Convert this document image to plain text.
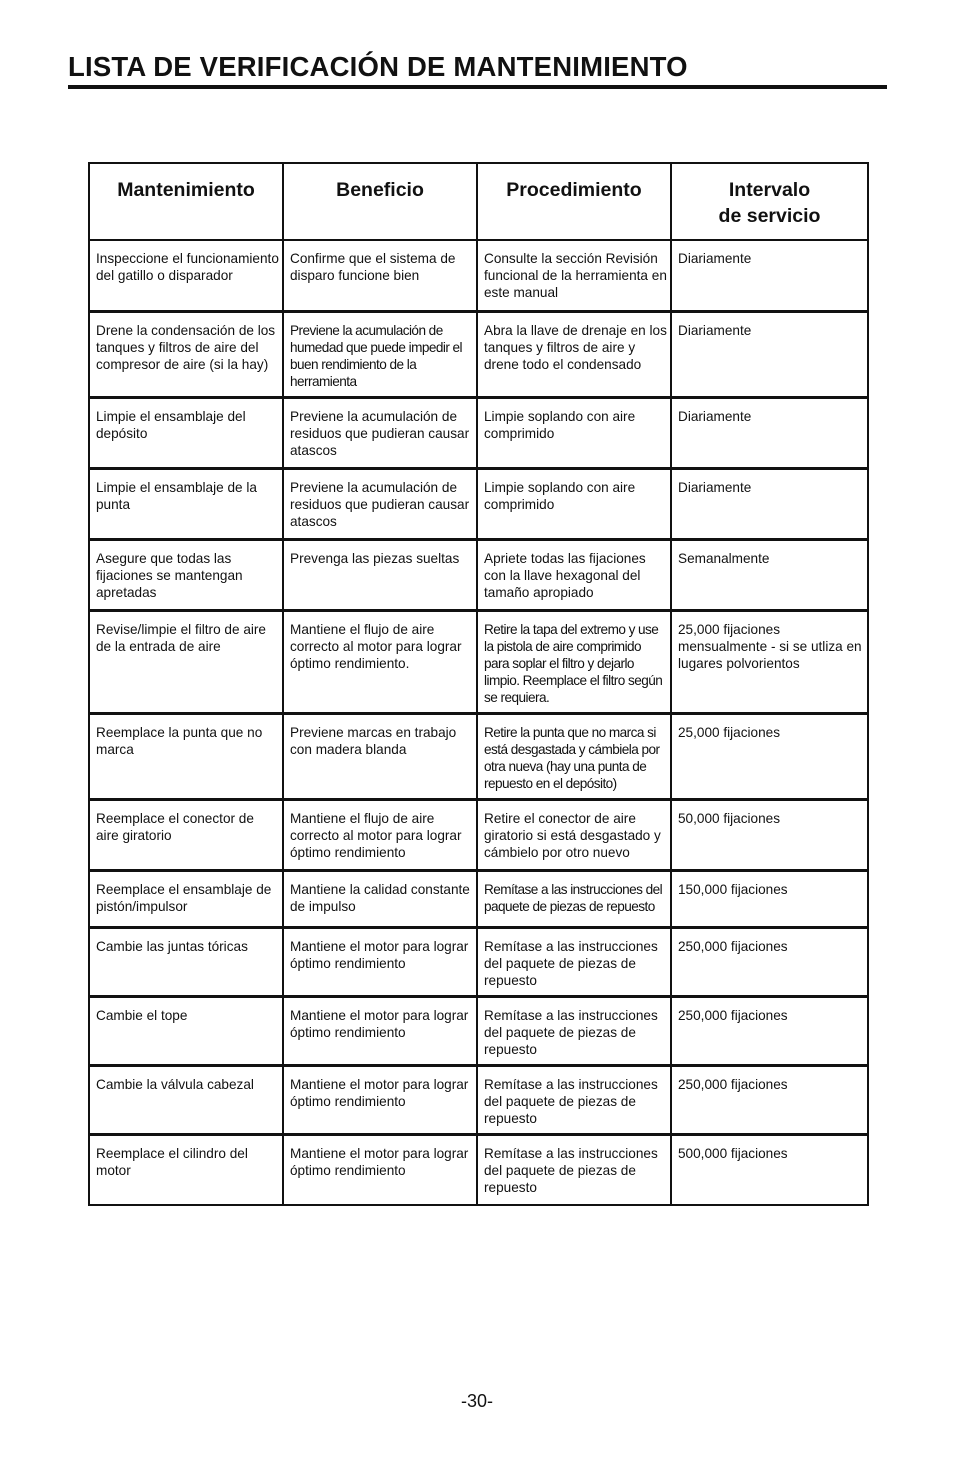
LISTA DE VERIFICACIÓN DE MANTENIMIENTO
Mantenimiento	Beneficio	Procedimiento	Intervalo
de servicio
Inspeccione el funcionamiento del gatillo o disparador	Confirme que el sistema de disparo funcione bien	Consulte la sección Revisión funcional de la herramienta en este manual	Diariamente
Drene la condensación de los tanques y filtros de aire del compresor de aire (si la hay)	Previene la acumulación de humedad que puede impedir el buen rendimiento de la herramienta	Abra la llave de drenaje en los tanques y filtros de aire y drene todo el condensado	Diariamente
Limpie el ensamblaje del depósito	Previene la acumulación de residuos que pudieran causar atascos	Limpie soplando con aire comprimido	Diariamente
Limpie el ensamblaje de la punta	Previene la acumulación de residuos que pudieran causar atascos	Limpie soplando con aire comprimido	Diariamente
Asegure que todas las fijaciones se mantengan apretadas	Prevenga las piezas sueltas	Apriete todas las fijaciones con la llave hexagonal del tamaño apropiado	Semanalmente
Revise/limpie el filtro de aire de la entrada de aire	Mantiene el flujo de aire correcto al motor para lograr óptimo rendimiento.	Retire la tapa del extremo y use la pistola de aire comprimido para soplar el filtro y dejarlo limpio. Reemplace el filtro según se requiera.	25,000 fijaciones mensualmente - si se utliza en lugares polvorientos
Reemplace la punta que no marca	Previene marcas en trabajo con madera blanda	Retire la punta que no marca si está desgastada y cámbiela por otra nueva (hay una punta de repuesto en el depósito)	25,000 fijaciones
Reemplace el conector de aire giratorio	Mantiene el flujo de aire correcto al motor para lograr óptimo rendimiento	Retire el conector de aire giratorio si está desgastado y cámbielo por otro nuevo	50,000 fijaciones
Reemplace el ensamblaje de pistón/impulsor	Mantiene la calidad constante de impulso	Remítase a las instrucciones del paquete de piezas de repuesto	150,000 fijaciones
Cambie las juntas tóricas	Mantiene el motor para lograr óptimo rendimiento	Remítase a las instrucciones del paquete de piezas de repuesto	250,000 fijaciones
Cambie el tope	Mantiene el motor para lograr óptimo rendimiento	Remítase a las instrucciones del paquete de piezas de repuesto	250,000 fijaciones
Cambie la válvula cabezal	Mantiene el motor para lograr óptimo rendimiento	Remítase a las instrucciones del paquete de piezas de repuesto	250,000 fijaciones
Reemplace el cilindro del motor	Mantiene el motor para lograr óptimo rendimiento	Remítase a las instrucciones del paquete de piezas de repuesto	500,000 fijaciones
-30-
